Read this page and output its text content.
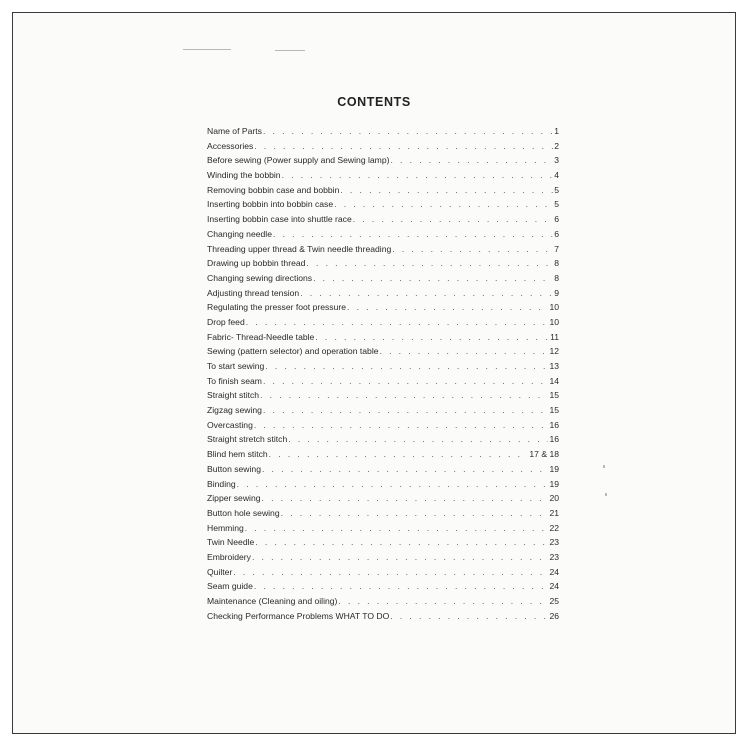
CONTENTS
Name of Parts . . .	1
Accessories . . .	2
Before sewing (Power supply and Sewing lamp) . . .	3
Winding the bobbin . . .	4
Removing bobbin case and bobbin . . .	5
Inserting bobbin into bobbin case . . .	5
Inserting bobbin case into shuttle race . . .	6
Changing needle . . .	6
Threading upper thread & Twin needle threading . . .	7
Drawing up bobbin thread . . .	8
Changing sewing directions . . .	8
Adjusting thread tension . . .	9
Regulating the presser foot pressure . . .	10
Drop feed . . .	10
Fabric- Thread-Needle table . . .	11
Sewing (pattern selector) and operation table . . .	12
To start sewing . . .	13
To finish seam . . .	14
Straight stitch . . .	15
Zigzag sewing . . .	15
Overcasting . . .	16
Straight stretch stitch . . .	16
Blind hem stitch . . .	17 & 18
Button sewing . . .	19
Binding . . .	19
Zipper sewing . . .	20
Button hole sewing . . .	21
Hemming . . .	22
Twin Needle . . .	23
Embroidery . . .	23
Quilter . . .	24
Seam guide . . .	24
Maintenance (Cleaning and oiling) . . .	25
Checking Performance Problems WHAT TO DO . . .	26
